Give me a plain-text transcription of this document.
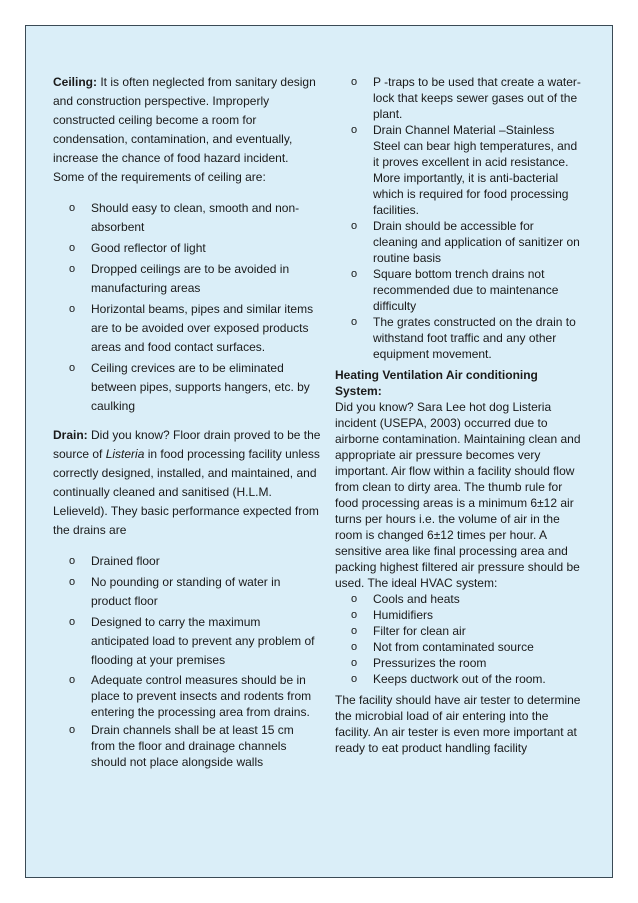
Ceiling: It is often neglected from sanitary design and construction perspective. Improperly constructed ceiling become a room for condensation, contamination, and eventually, increase the chance of food hazard incident. Some of the requirements of ceiling are:

o Should easy to clean, smooth and non-absorbent
o Good reflector of light
o Dropped ceilings are to be avoided in manufacturing areas
o Horizontal beams, pipes and similar items are to be avoided over exposed products areas and food contact surfaces.
o Ceiling crevices are to be eliminated between pipes, supports hangers, etc. by caulking

Drain: Did you know? Floor drain proved to be the source of Listeria in food processing facility unless correctly designed, installed, and maintained, and continually cleaned and sanitised (H.L.M. Lelieveld). They basic performance expected from the drains are

o Drained floor
o No pounding or standing of water in product floor
o Designed to carry the maximum anticipated load to prevent any problem of flooding at your premises
o Adequate control measures should be in place to prevent insects and rodents from entering the processing area from drains.
o Drain channels shall be at least 15 cm from the floor and drainage channels should not place alongside walls
o P -traps to be used that create a water- lock that keeps sewer gases out of the plant.
o Drain Channel Material –Stainless Steel can bear high temperatures, and it proves excellent in acid resistance. More importantly, it is anti-bacterial which is required for food processing facilities.
o Drain should be accessible for cleaning and application of sanitizer on routine basis
o Square bottom trench drains not recommended due to maintenance difficulty
o The grates constructed on the drain to withstand foot traffic and any other equipment movement.

Heating Ventilation Air conditioning System:

Did you know? Sara Lee hot dog Listeria incident (USEPA, 2003) occurred due to airborne contamination. Maintaining clean and appropriate air pressure becomes very important. Air flow within a facility should flow from clean to dirty area. The thumb rule for food processing areas is a minimum 6±12 air turns per hours i.e. the volume of air in the room is changed 6±12 times per hour. A sensitive area like final processing area and packing highest filtered air pressure should be used. The ideal HVAC system:

o Cools and heats
o Humidifiers
o Filter for clean air
o Not from contaminated source
o Pressurizes the room
o Keeps ductwork out of the room.

The facility should have air tester to determine the microbial load of air entering into the facility. An air tester is even more important at ready to eat product handling facility
